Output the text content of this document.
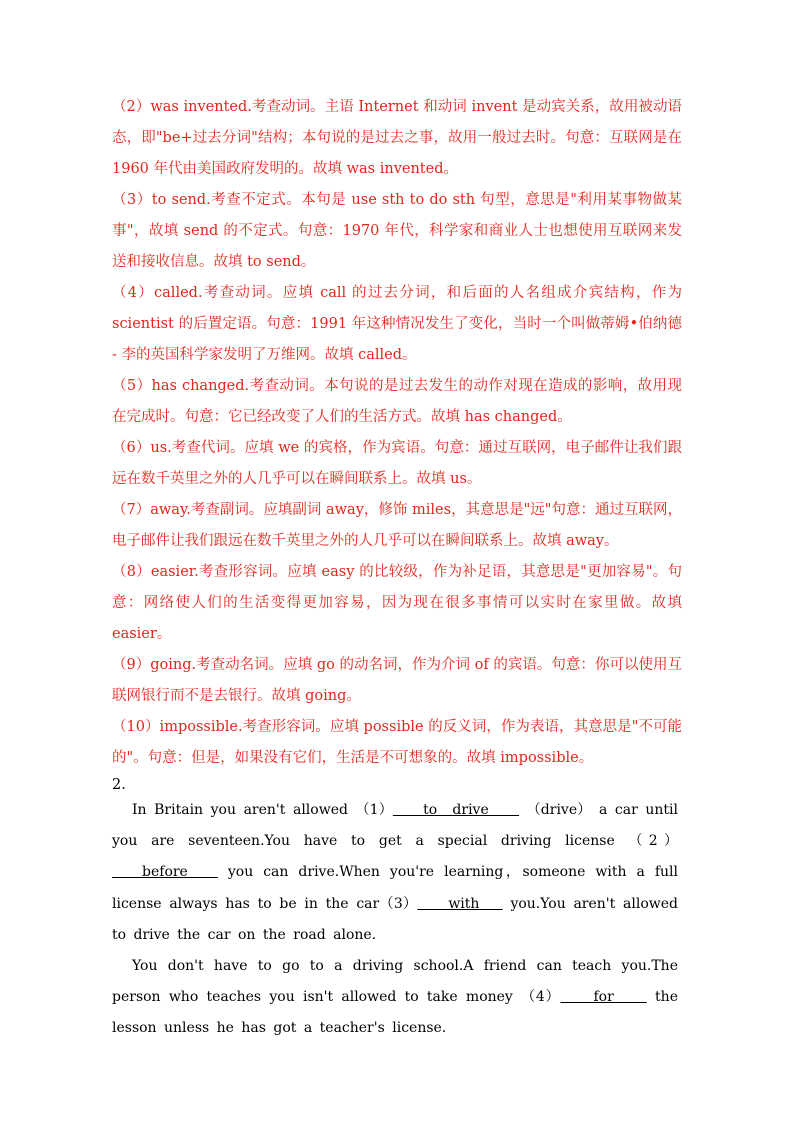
（2）was invented.考查动词。主语 Internet 和动词 invent 是动宾关系，故用被动语态，即"be+过去分词"结构；本句说的是过去之事，故用一般过去时。句意：互联网是在 1960 年代由美国政府发明的。故填 was invented。

（3）to send.考查不定式。本句是 use sth to do sth 句型，意思是"利用某事物做某事"，故填 send 的不定式。句意：1970 年代，科学家和商业人士也想使用互联网来发送和接收信息。故填 to send。

（4）called.考查动词。应填 call 的过去分词，和后面的人名组成介宾结构，作为 scientist 的后置定语。句意：1991 年这种情况发生了变化，当时一个叫做蒂姆•伯纳德 - 李的英国科学家发明了万维网。故填 called。

（5）has changed.考查动词。本句说的是过去发生的动作对现在造成的影响，故用现在完成时。句意：它已经改变了人们的生活方式。故填 has changed。

（6）us.考查代词。应填 we 的宾格，作为宾语。句意：通过互联网，电子邮件让我们跟远在数千英里之外的人几乎可以在瞬间联系上。故填 us。

（7）away.考查副词。应填副词 away，修饰 miles，其意思是"远"句意：通过互联网，电子邮件让我们跟远在数千英里之外的人几乎可以在瞬间联系上。故填 away。

（8）easier.考查形容词。应填 easy 的比较级，作为补足语，其意思是"更加容易"。句意：网络使人们的生活变得更加容易，因为现在很多事情可以实时在家里做。故填 easier。

（9）going.考查动名词。应填 go 的动名词，作为介词 of 的宾语。句意：你可以使用互联网银行而不是去银行。故填 going。

（10）impossible.考查形容词。应填 possible 的反义词，作为表语，其意思是"不可能的"。句意：但是，如果没有它们，生活是不可想象的。故填 impossible。

2．

In Britain you aren't allowed （1）    to  drive     （drive） a car until you are seventeen.You have to get a special driving license （2）   before    you can drive.When you're learning，someone with a full license always has to be in the car（3）    with    you.You aren't allowed to drive the car on the road alone.

You don't have to go to a driving school.A friend can teach you.The person who teaches you isn't allowed to take money （4）    for     the lesson unless he has got a teacher's license.
